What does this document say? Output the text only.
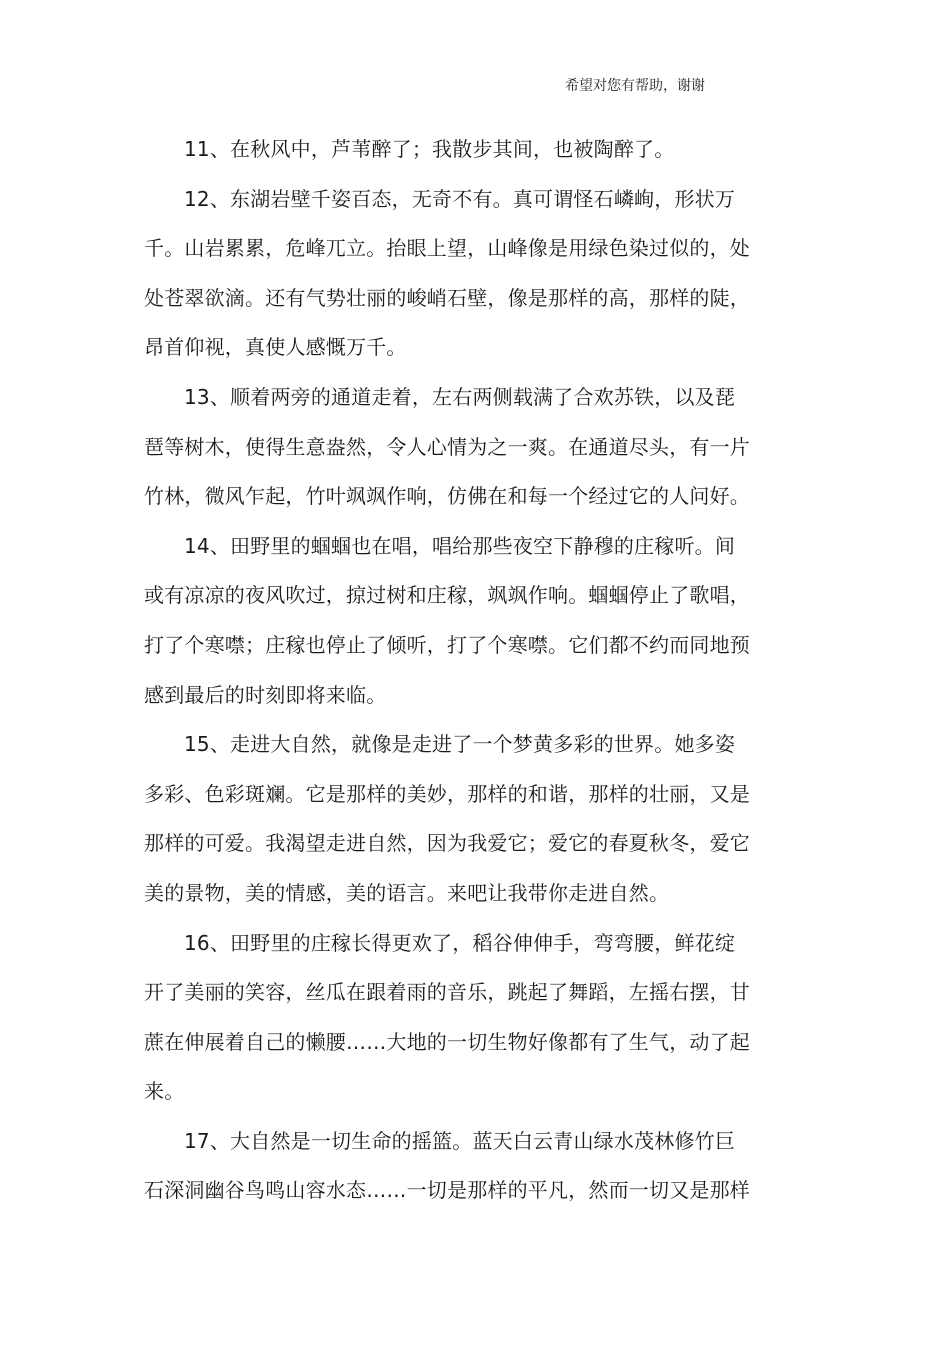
希望对您有帮助，谢谢
11、在秋风中，芦苇醉了；我散步其间，也被陶醉了。
12、东湖岩壁千姿百态，无奇不有。真可谓怪石嶙峋，形状万
千。山岩累累，危峰兀立。抬眼上望，山峰像是用绿色染过似的，处
处苍翠欲滴。还有气势壮丽的峻峭石壁，像是那样的高，那样的陡，
昂首仰视，真使人感慨万千。
13、顺着两旁的通道走着，左右两侧载满了合欢苏铁，以及琵
琶等树木，使得生意盎然，令人心情为之一爽。在通道尽头，有一片
竹林，微风乍起，竹叶飒飒作响，仿佛在和每一个经过它的人问好。
14、田野里的蝈蝈也在唱，唱给那些夜空下静穆的庄稼听。间
或有凉凉的夜风吹过，掠过树和庄稼，飒飒作响。蝈蝈停止了歌唱，
打了个寒噤；庄稼也停止了倾听，打了个寒噤。它们都不约而同地预
感到最后的时刻即将来临。
15、走进大自然，就像是走进了一个梦黄多彩的世界。她多姿
多彩、色彩斑斓。它是那样的美妙，那样的和谐，那样的壮丽，又是
那样的可爱。我渴望走进自然，因为我爱它；爱它的春夏秋冬，爱它
美的景物，美的情感，美的语言。来吧让我带你走进自然。
16、田野里的庄稼长得更欢了，稻谷伸伸手，弯弯腰，鲜花绽
开了美丽的笑容，丝瓜在跟着雨的音乐，跳起了舞蹈，左摇右摆，甘
蔗在伸展着自己的懒腰……大地的一切生物好像都有了生气，动了起
来。
17、大自然是一切生命的摇篮。蓝天白云青山绿水茂林修竹巨
石深洞幽谷鸟鸣山容水态……一切是那样的平凡，然而一切又是那样
